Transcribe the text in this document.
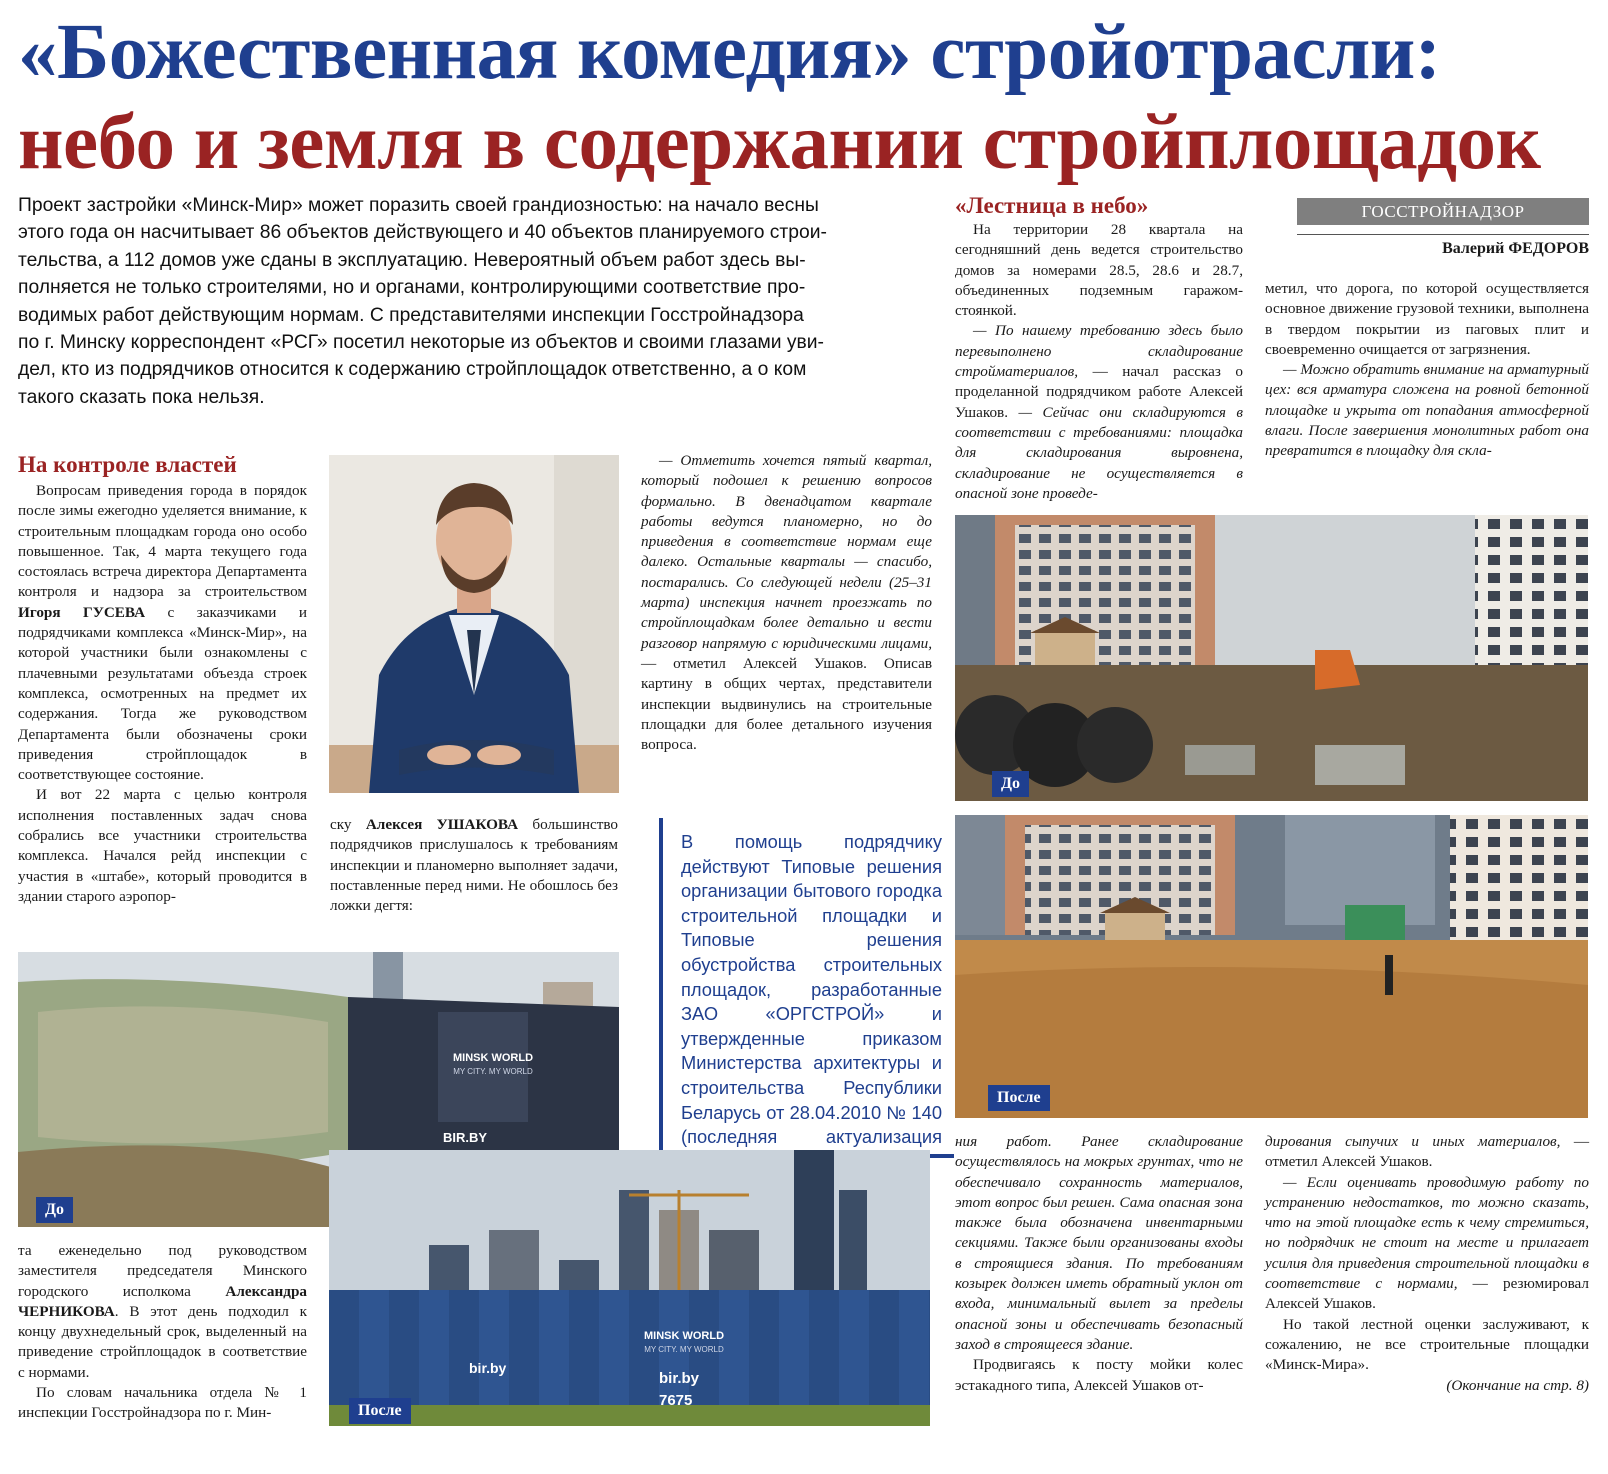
«Божественная комедия» стройотрасли:
небо и земля в содержании стройплощадок
Проект застройки «Минск-Мир» может поразить своей грандиозностью: на начало весны
этого года он насчитывает 86 объектов действующего и 40 объектов планируемого строи-
тельства, а 112 домов уже сданы в эксплуатацию. Невероятный объем работ здесь вы-
полняется не только строителями, но и органами, контролирующими соответствие про-
водимых работ действующим нормам. С представителями инспекции Госстройнадзора
по г. Минску корреспондент «РСГ» посетил некоторые из объектов и своими глазами уви-
дел, кто из подрядчиков относится к содержанию стройплощадок ответственно, а о ком
такого сказать пока нельзя.
ГОССТРОЙНАДЗОР
Валерий ФЕДОРОВ
На контроле властей

Вопросам приведения города в порядок после зимы ежегодно уделяется внимание, к строительным площадкам города оно особо повышенное. Так, 4 марта текущего года состоялась встреча директора Департамента контроля и надзора за строительством Игоря ГУСЕВА с заказчиками и подрядчиками комплекса «Минск-Мир», на которой участники были ознакомлены с плачевными результатами объезда строек комплекса, осмотренных на предмет их содержания. Тогда же руководством Департамента были обозначены сроки приведения стройплощадок в соответствующее состояние.

И вот 22 марта с целью контроля исполнения поставленных задач снова собрались все участники строительства комплекса. Начался рейд инспекции с участия в «штабе», который проводится в здании старого аэропор-

ску Алексея УШАКОВА большинство подрядчиков прислушалось к требованиям инспекции и планомерно выполняет задачи, поставленные перед ними. Не обошлось без ложки дегтя:

— Отметить хочется пятый квартал, который подошел к решению вопросов формально. В двенадцатом квартале работы ведутся планомерно, но до приведения в соответствие нормам еще далеко. Остальные кварталы — спасибо, постарались. Со следующей недели (25–31 марта) инспекция начнет проезжать по стройплощадкам более детально и вести разговор напрямую с юридическими лицами, — отметил Алексей Ушаков. Описав картину в общих чертах, представители инспекции выдвинулись на строительные площадки для более детального изучения вопроса.

В помощь подрядчику действуют Типовые решения организации бытового городка строительной площадки и Типовые решения обустройства строительных площадок, разработанные ЗАО «ОРГСТРОЙ» и утвержденные приказом Министерства архитектуры и строительства Республики Беларусь от 28.04.2010 № 140 (последняя актуализация

та еженедельно под руководством заместителя председателя Минского городского исполкома Александра ЧЕРНИКОВА. В этот день подходил к концу двухнедельный срок, выделенный на приведение стройплощадок в соответствие с нормами.

По словам начальника отдела № 1 инспекции Госстройнадзора по г. Мин-

«Лестница в небо»

На территории 28 квартала на сегодняшний день ведется строительство домов за номерами 28.5, 28.6 и 28.7, объединенных подземным гаражом-стоянкой.

— По нашему требованию здесь было перевыполнено складирование стройматериалов, — начал рассказ о проделанной подрядчиком работе Алексей Ушаков. — Сейчас они складируются в соответствии с требованиями: площадка для складирования выровнена, складирование не осуществляется в опасной зоне проведе-

метил, что дорога, по которой осуществляется основное движение грузовой техники, выполнена в твердом покрытии из паговых плит и своевременно очищается от загрязнения.

— Можно обратить внимание на арматурный цех: вся арматура сложена на ровной бетонной площадке и укрыта от попадания атмосферной влаги. После завершения монолитных работ она превратится в площадку для скла-

ния работ. Ранее складирование осуществлялось на мокрых грунтах, что не обеспечивало сохранность материалов, этот вопрос был решен. Сама опасная зона также была обозначена инвентарными секциями. Также были организованы входы в строящиеся здания. По требованиям козырек должен иметь обратный уклон от входа, минимальный вылет за пределы опасной зоны и обеспечивать безопасный заход в строящееся здание.

Продвигаясь к посту мойки колес эстакадного типа, Алексей Ушаков от-

дирования сыпучих и иных материалов, — отметил Алексей Ушаков.

— Если оценивать проводимую работу по устранению недостатков, то можно сказать, что на этой площадке есть к чему стремиться, но подрядчик не стоит на месте и прилагает усилия для приведения строительной площадки в соответствие с нормами, — резюмировал Алексей Ушаков.

Но такой лестной оценки заслуживают, к сожалению, не все строительные площадки «Минск-Мира».

(Окончание на стр. 8)

MINSK WORLD
MY CITY. MY WORLD
BIR.BY
До
MINSK WORLD
MY CITY. MY WORLD
bir.by
bir.by
7675
После
До
После
